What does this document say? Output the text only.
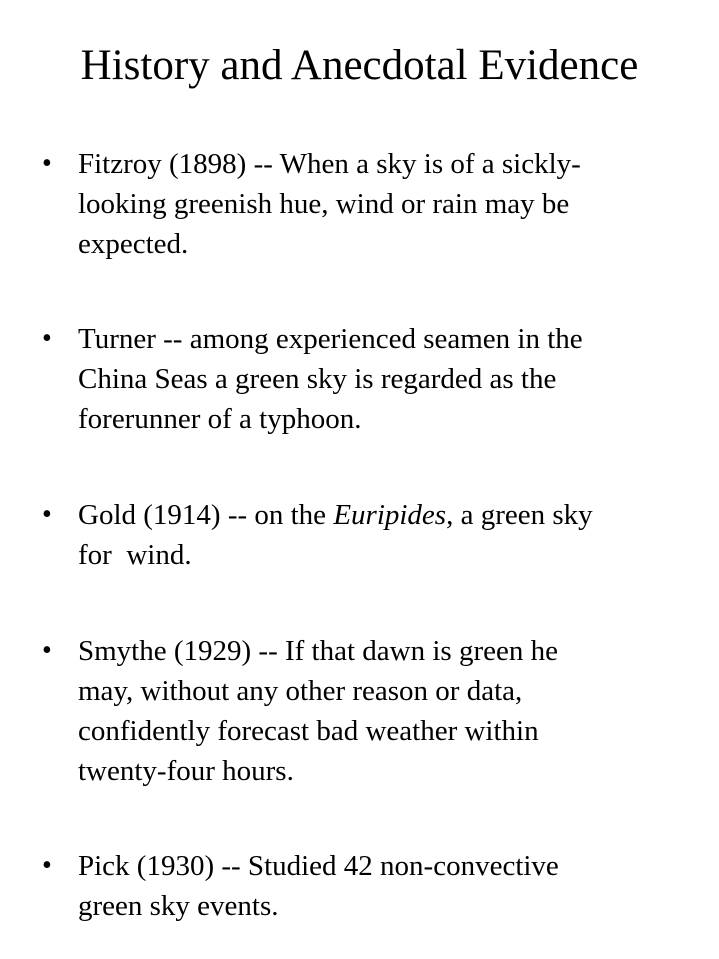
History and Anecdotal Evidence
• Fitzroy (1898) -- When a sky is of a sickly-
looking greenish hue, wind or rain may be
expected.
• Turner -- among experienced seamen in the
China Seas a green sky is regarded as the
forerunner of a typhoon.
• Gold (1914) -- on the Euripides, a green sky
for  wind.
• Smythe (1929) -- If that dawn is green he
may, without any other reason or data,
confidently forecast bad weather within
twenty-four hours.
• Pick (1930) -- Studied 42 non-convective
green sky events.
